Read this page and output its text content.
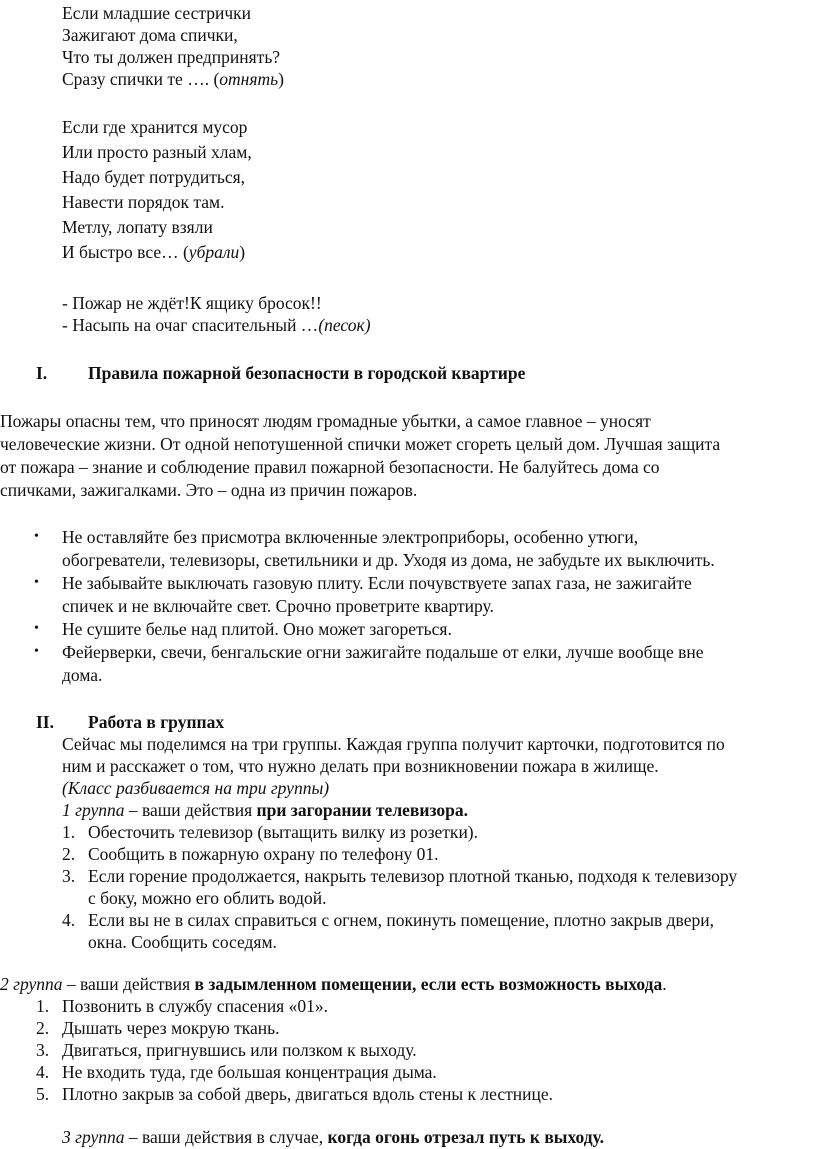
Если младшие сестрички
Зажигают дома спички,
Что ты должен предпринять?
Сразу спички те …. (отнять)
Если где хранится мусор
Или просто разный хлам,
Надо будет потрудиться,
Навести порядок там.
Метлу, лопату взяли
И быстро все… (убрали)
- Пожар не ждёт!К ящику бросок!!
- Насыпь на очаг спасительный …(песок)
I. Правила пожарной безопасности в городской квартире
Пожары опасны тем, что приносят людям громадные убытки, а самое главное – уносят
человеческие жизни. От одной непотушенной спички может сгореть целый дом. Лучшая защита
от пожара – знание и соблюдение правил пожарной безопасности. Не балуйтесь дома со
спичками, зажигалками. Это – одна из причин пожаров.
• Не оставляйте без присмотра включенные электроприборы, особенно утюги,
обогреватели, телевизоры, светильники и др. Уходя из дома, не забудьте их выключить.
• Не забывайте выключать газовую плиту. Если почувствуете запах газа, не зажигайте
спичек и не включайте свет. Срочно проветрите квартиру.
• Не сушите белье над плитой. Оно может загореться.
• Фейерверки, свечи, бенгальские огни зажигайте подальше от елки, лучше вообще вне
дома.
II. Работа в группах
Сейчас мы поделимся на три группы. Каждая группа получит карточки, подготовится по
ним и расскажет о том, что нужно делать при возникновении пожара в жилище.
(Класс разбивается на три группы)
1 группа – ваши действия при загорании телевизора.
1. Обесточить телевизор (вытащить вилку из розетки).
2. Сообщить в пожарную охрану по телефону 01.
3. Если горение продолжается, накрыть телевизор плотной тканью, подходя к телевизору
с боку, можно его облить водой.
4. Если вы не в силах справиться с огнем, покинуть помещение, плотно закрыв двери,
окна. Сообщить соседям.
2 группа – ваши действия в задымленном помещении, если есть возможность выхода.
1. Позвонить в службу спасения «01».
2. Дышать через мокрую ткань.
3. Двигаться, пригнувшись или ползком к выходу.
4. Не входить туда, где большая концентрация дыма.
5. Плотно закрыв за собой дверь, двигаться вдоль стены к лестнице.
3 группа – ваши действия в случае, когда огонь отрезал путь к выходу.
